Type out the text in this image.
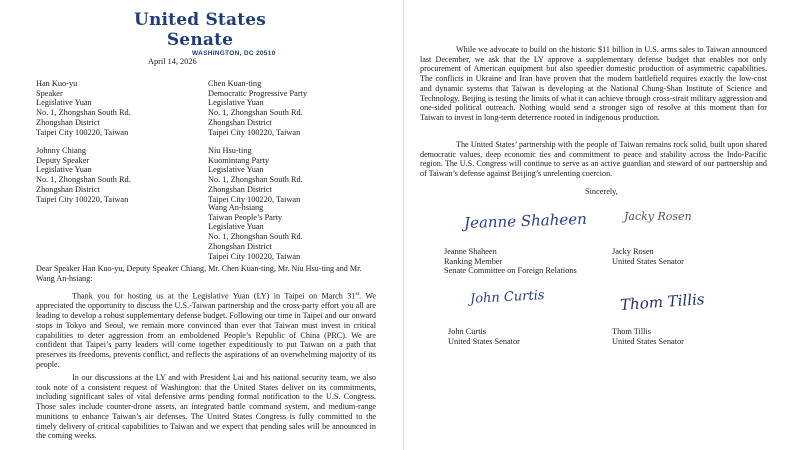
United States Senate
WASHINGTON, DC 20510
April 14, 2026
Han Kuo-yu
Speaker
Legislative Yuan
No. 1, Zhongshan South Rd.
Zhongshan District
Taipei City 100220, Taiwan
Chen Kuan-ting
Democratic Progressive Party
Legislative Yuan
No. 1, Zhongshan South Rd.
Zhongshan District
Taipei City 100220, Taiwan
Johnny Chiang
Deputy Speaker
Legislative Yuan
No. 1, Zhongshan South Rd.
Zhongshan District
Taipei City 100220, Taiwan
Niu Hsu-ting
Kuomintang Party
Legislative Yuan
No. 1, Zhongshan South Rd.
Zhongshan District
Taipei City 100220, Taiwan
Wang An-hsiang
Taiwan People’s Party
Legislative Yuan
No. 1, Zhongshan South Rd.
Zhongshan District
Taipei City 100220, Taiwan
Dear Speaker Han Kuo-yu, Deputy Speaker Chiang, Mr. Chen Kuan-ting, Mr. Niu Hsu-ting and Mr. Wang An-hsiang:
Thank you for hosting us at the Legislative Yuan (LY) in Taipei on March 31st. We appreciated the opportunity to discuss the U.S.-Taiwan partnership and the cross-party effort you all are leading to develop a robust supplementary defense budget. Following our time in Taipei and our onward stops in Tokyo and Seoul, we remain more convinced than ever that Taiwan must invest in critical capabilities to deter aggression from an emboldened People’s Republic of China (PRC). We are confident that Taipei’s party leaders will come together expeditiously to put Taiwan on a path that preserves its freedoms, prevents conflict, and reflects the aspirations of an overwhelming majority of its people.
In our discussions at the LY and with President Lai and his national security team, we also took note of a consistent request of Washington: that the United States deliver on its commitments, including significant sales of vital defensive arms pending formal notification to the U.S. Congress. Those sales include counter-drone assets, an integrated battle command system, and medium-range munitions to enhance Taiwan’s air defenses. The United States Congress is fully committed to the timely delivery of critical capabilities to Taiwan and we expect that pending sales will be announced in the coming weeks.
While we advocate to build on the historic $11 billion in U.S. arms sales to Taiwan announced last December, we ask that the LY approve a supplementary defense budget that enables not only procurement of American equipment but also speedier domestic production of asymmetric capabilities. The conflicts in Ukraine and Iran have proven that the modern battlefield requires exactly the low-cost and dynamic systems that Taiwan is developing at the National Chung-Shan Institute of Science and Technology. Beijing is testing the limits of what it can achieve through cross-strait military aggression and one-sided political outreach. Nothing would send a stronger sign of resolve at this moment than for Taiwan to invest in long-term deterrence rooted in indigenous production.
The United States’ partnership with the people of Taiwan remains rock solid, built upon shared democratic values, deep economic ties and commitment to peace and stability across the Indo-Pacific region. The U.S. Congress will continue to serve as an active guardian and steward of our partnership and of Taiwan’s defense against Beijing’s unrelenting coercion.
Sincerely,
Jeanne Shaheen
Jeanne Shaheen
Ranking Member
Senate Committee on Foreign Relations
Jacky Rosen
Jacky Rosen
United States Senator
John Curtis
John Curtis
United States Senator
Thom Tillis
Thom Tillis
United States Senator
